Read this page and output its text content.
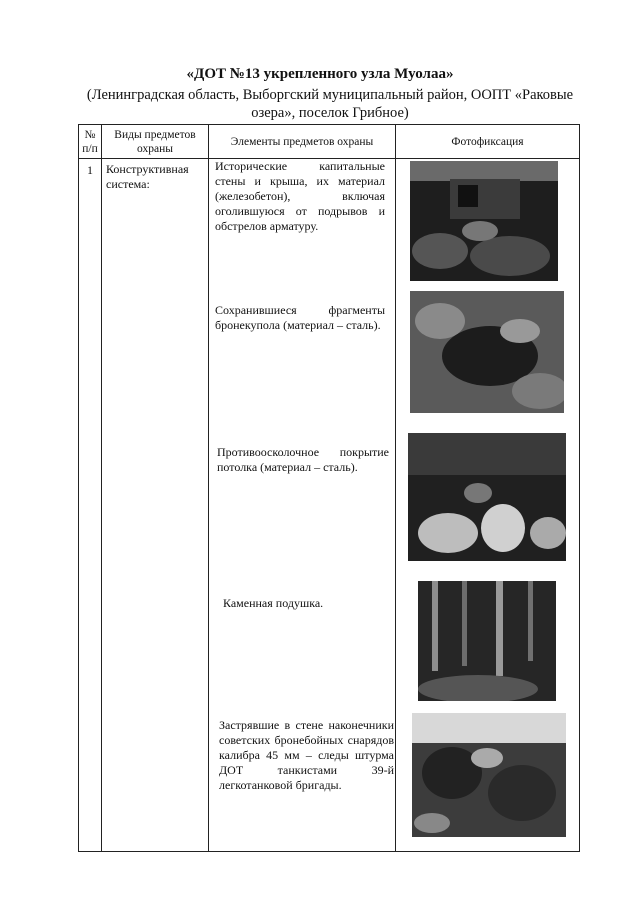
«ДОТ №13 укрепленного узла Муолаа»
(Ленинградская область, Выборгский муниципальный район, ООПТ «Раковые
озера», поселок Грибное)
№ п/п	Виды предметов охраны	Элементы предметов охраны	Фотофиксация
1	Конструктивная система:	Исторические капитальные стены и крыша, их материал (железобетон), включая оголившуюся от подрывов и обстрелов арматуру.
Сохранившиеся фрагменты бронекупола (материал – сталь).
Противоосколочное покрытие потолка (материал – сталь).
Каменная подушка.
Застрявшие в стене наконечники советских бронебойных снарядов калибра 45 мм – следы штурма ДОТ танкистами 39-й легкотанковой бригады.
